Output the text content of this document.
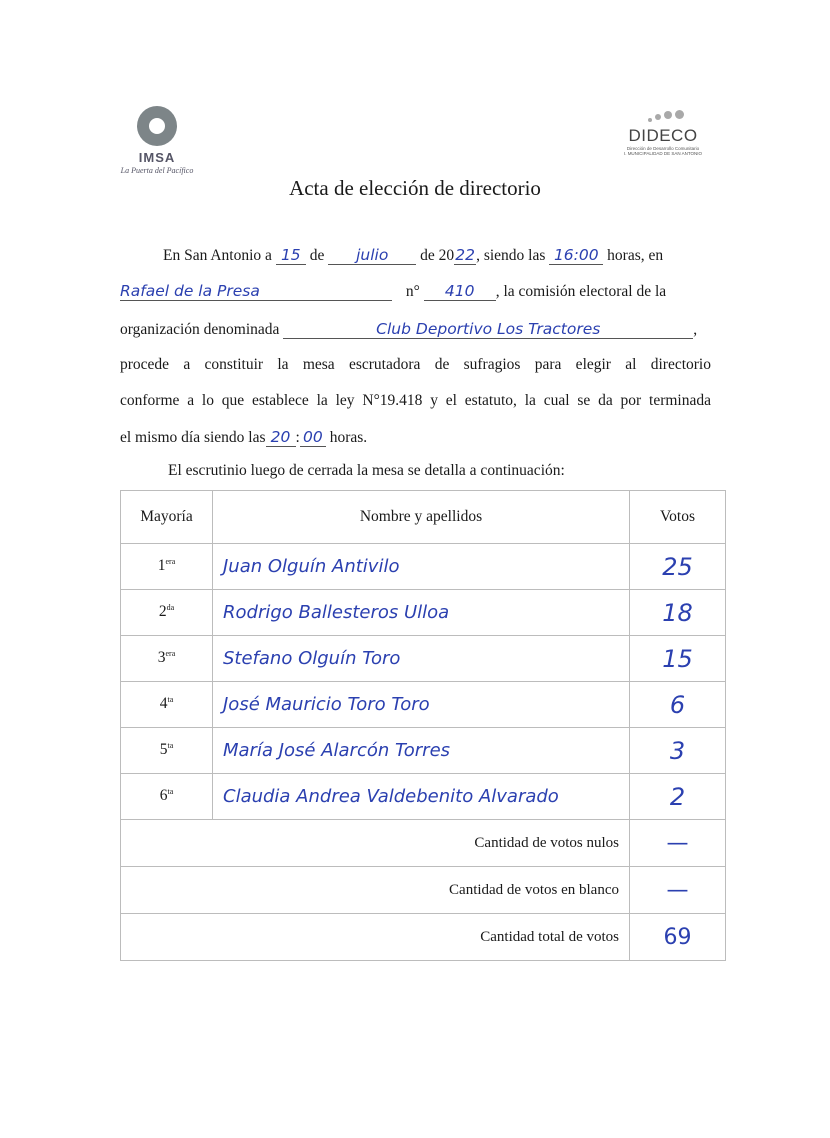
IMSA
La Puerta del Pacífico
DIDECO
Dirección de Desarrollo Comunitario
I. MUNICIPALIDAD DE SAN ANTONIO
Acta de elección de directorio
En San Antonio a 15 de julio de 2022, siendo las 16:00 horas, en
Rafael de la Presa	n° 410 , la comisión electoral de la
organización denominada	Club Deportivo Los Tractores	,
procede a constituir la mesa escrutadora de sufragios para elegir al directorio
conforme a lo que establece la ley N°19.418 y el estatuto, la cual se da por terminada
el mismo día siendo las 20 : 00 horas.
El escrutinio luego de cerrada la mesa se detalla a continuación:
Mayoría	Nombre y apellidos	Votos
$1^{era}$	Juan Olguín Antivilo	25
$2^{da}$	Rodrigo Ballesteros Ulloa	18
$3^{era}$	Stefano Olguín Toro	15
$4^{ta}$	José Mauricio Toro Toro	6
$5^{ta}$	María José Alarcón Torres	3
$6^{ta}$	Claudia Andrea Valdebenito Alvarado	2
Cantidad de votos nulos		—
Cantidad de votos en blanco		—
Cantidad total de votos		69
